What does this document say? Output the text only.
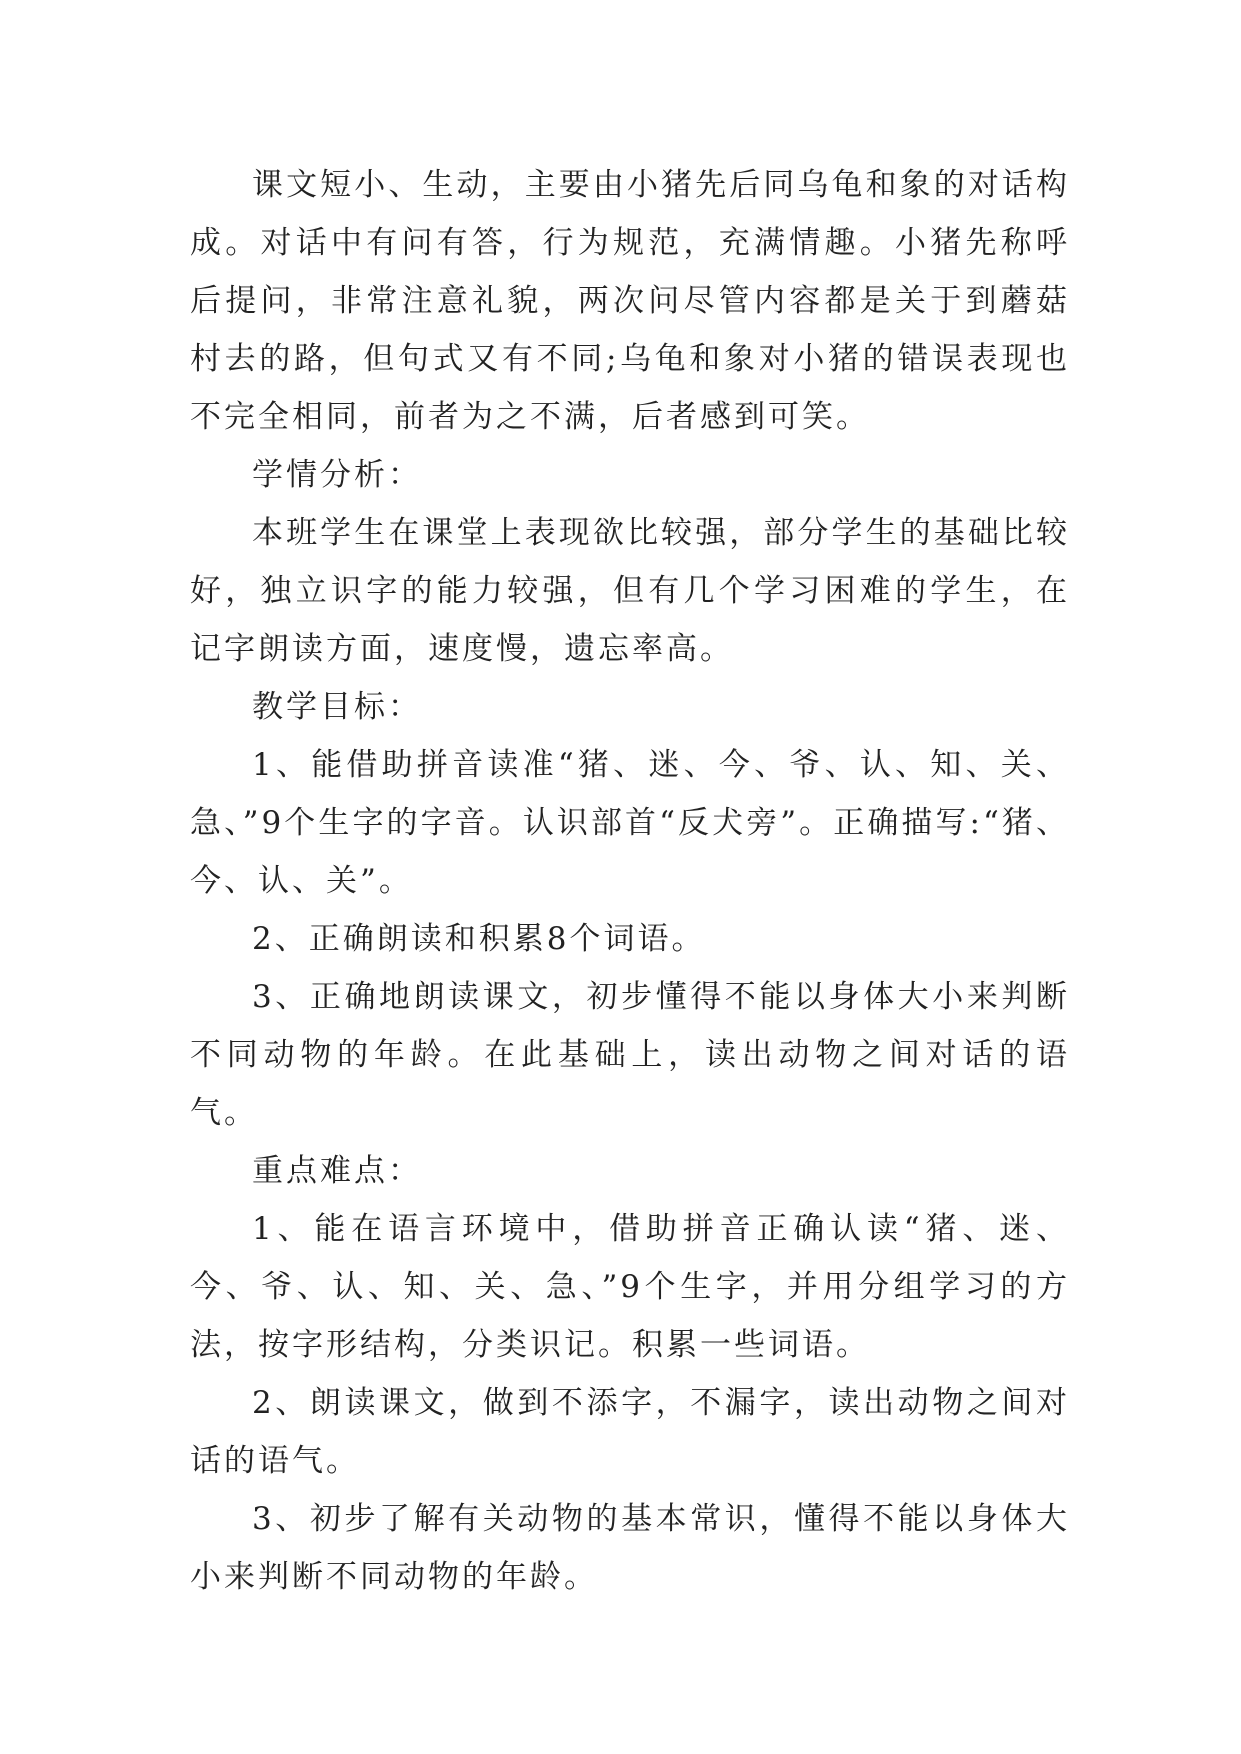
课文短小、生动，主要由小猪先后同乌龟和象的对话构成。对话中有问有答，行为规范，充满情趣。小猪先称呼后提问，非常注意礼貌，两次问尽管内容都是关于到蘑菇村去的路，但句式又有不同;乌龟和象对小猪的错误表现也不完全相同，前者为之不满，后者感到可笑。

学情分析：

本班学生在课堂上表现欲比较强，部分学生的基础比较好，独立识字的能力较强，但有几个学习困难的学生，在记字朗读方面，速度慢，遗忘率高。

教学目标：

1、能借助拼音读准“猪、迷、今、爷、认、知、关、急、”9个生字的字音。认识部首“反犬旁”。正确描写:“猪、今、认、关”。

2、正确朗读和积累8个词语。

3、正确地朗读课文，初步懂得不能以身体大小来判断不同动物的年龄。在此基础上，读出动物之间对话的语气。

重点难点：

1、能在语言环境中，借助拼音正确认读“猪、迷、今、爷、认、知、关、急、”9个生字，并用分组学习的方法，按字形结构，分类识记。积累一些词语。

2、朗读课文，做到不添字，不漏字，读出动物之间对话的语气。

3、初步了解有关动物的基本常识，懂得不能以身体大小来判断不同动物的年龄。
